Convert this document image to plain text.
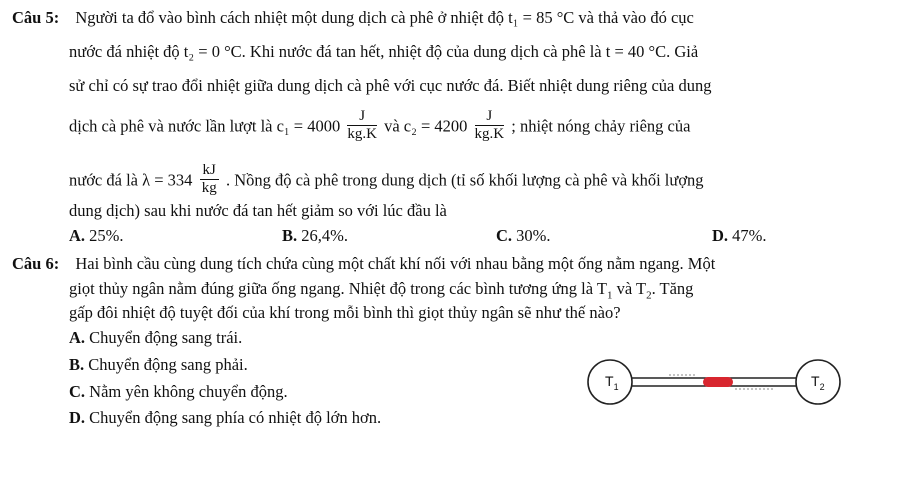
Câu 5: Người ta đổ vào bình cách nhiệt một dung dịch cà phê ở nhiệt độ t₁ = 85 °C và thả vào đó cục
nước đá nhiệt độ t₂ = 0 °C. Khi nước đá tan hết, nhiệt độ của dung dịch cà phê là t = 40 °C. Giả
sử chỉ có sự trao đổi nhiệt giữa dung dịch cà phê với cục nước đá. Biết nhiệt dung riêng của dung
dịch cà phê và nước lần lượt là $c_1 = 4000 \frac{J}{kg.K}$ và $c_2 = 4200 \frac{J}{kg.K}$ ; nhiệt nóng chảy riêng của
nước đá là $\lambda = 334 \frac{kJ}{kg}$ . Nồng độ cà phê trong dung dịch (tỉ số khối lượng cà phê và khối lượng
dung dịch) sau khi nước đá tan hết giảm so với lúc đầu là
A. 25%.	B. 26,4%.	C. 30%.	D. 47%.
Câu 6: Hai bình cầu cùng dung tích chứa cùng một chất khí nối với nhau bằng một ống nằm ngang. Một
giọt thủy ngân nằm đúng giữa ống ngang. Nhiệt độ trong các bình tương ứng là $T_1$ và $T_2$. Tăng
gấp đôi nhiệt độ tuyệt đối của khí trong mỗi bình thì giọt thủy ngân sẽ như thế nào?
A. Chuyển động sang trái.
B. Chuyển động sang phải.
C. Nằm yên không chuyển động.
D. Chuyển động sang phía có nhiệt độ lớn hơn.
$T_1$	$T_2$
